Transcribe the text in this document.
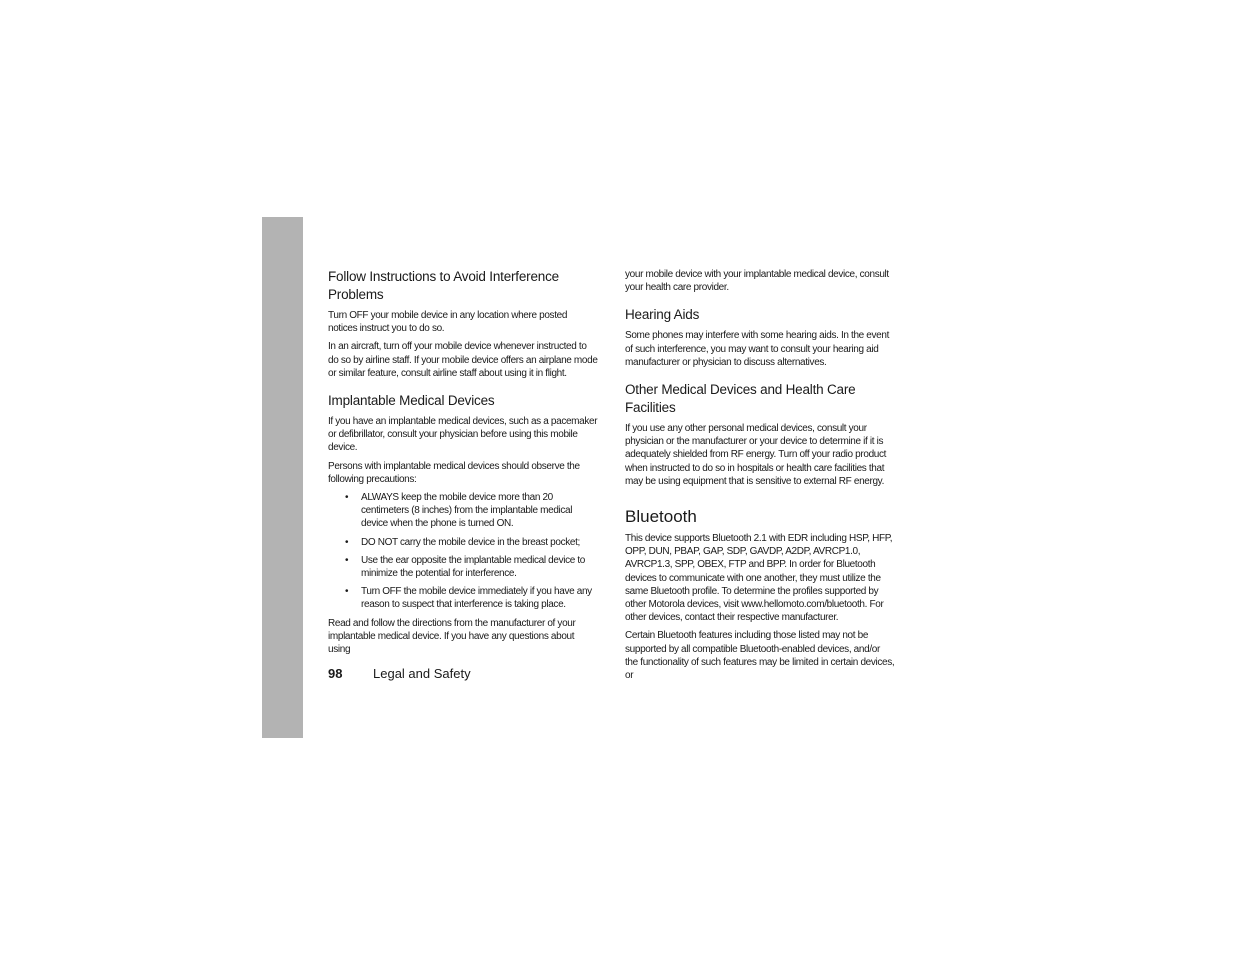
Follow Instructions to Avoid Interference Problems

Turn OFF your mobile device in any location where posted notices instruct you to do so.

In an aircraft, turn off your mobile device whenever instructed to do so by airline staff. If your mobile device offers an airplane mode or similar feature, consult airline staff about using it in flight.

Implantable Medical Devices

If you have an implantable medical devices, such as a pacemaker or defibrillator, consult your physician before using this mobile device.

Persons with implantable medical devices should observe the following precautions:

• ALWAYS keep the mobile device more than 20 centimeters (8 inches) from the implantable medical device when the phone is turned ON.
• DO NOT carry the mobile device in the breast pocket;
• Use the ear opposite the implantable medical device to minimize the potential for interference.
• Turn OFF the mobile device immediately if you have any reason to suspect that interference is taking place.

Read and follow the directions from the manufacturer of your implantable medical device. If you have any questions about using

your mobile device with your implantable medical device, consult your health care provider.

Hearing Aids

Some phones may interfere with some hearing aids. In the event of such interference, you may want to consult your hearing aid manufacturer or physician to discuss alternatives.

Other Medical Devices and Health Care Facilities

If you use any other personal medical devices, consult your physician or the manufacturer or your device to determine if it is adequately shielded from RF energy. Turn off your radio product when instructed to do so in hospitals or health care facilities that may be using equipment that is sensitive to external RF energy.

Bluetooth

This device supports Bluetooth 2.1 with EDR including HSP, HFP, OPP, DUN, PBAP, GAP, SDP, GAVDP, A2DP, AVRCP1.0, AVRCP1.3, SPP, OBEX, FTP and BPP. In order for Bluetooth devices to communicate with one another, they must utilize the same Bluetooth profile. To determine the profiles supported by other Motorola devices, visit www.hellomoto.com/bluetooth. For other devices, contact their respective manufacturer.

Certain Bluetooth features including those listed may not be supported by all compatible Bluetooth-enabled devices, and/or the functionality of such features may be limited in certain devices, or

98 Legal and Safety
